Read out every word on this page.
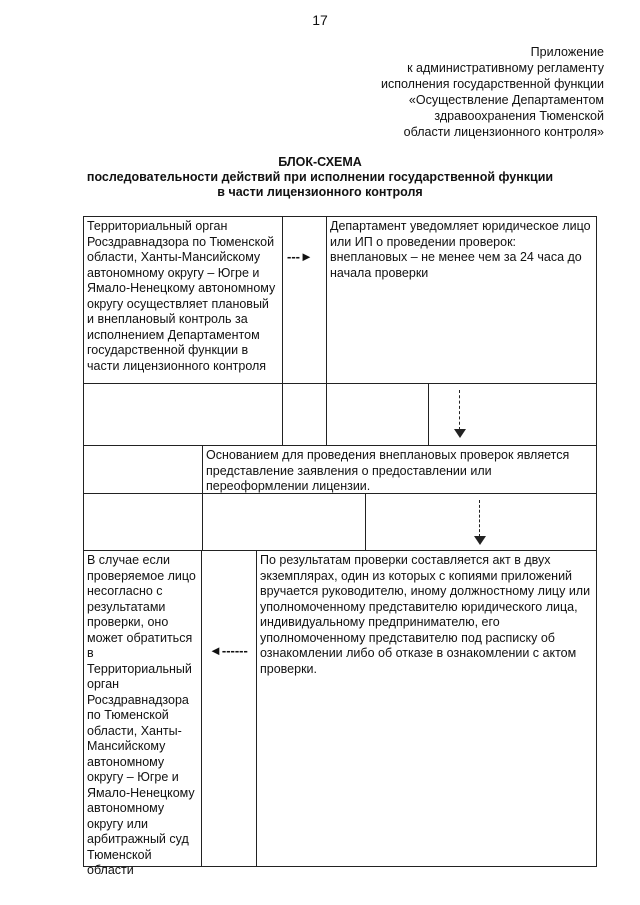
17
Приложение
к административному регламенту
исполнения государственной функции
«Осуществление Департаментом
здравоохранения Тюменской
области лицензионного контроля»
БЛОК-СХЕМА
последовательности действий при исполнении государственной функции
в части лицензионного контроля
Территориальный орган Росздравнадзора по Тюменской области, Ханты-Мансийскому автономному округу – Югре и Ямало-Ненецкому автономному округу осуществляет плановый и внеплановый контроль за исполнением Департаментом государственной функции в части лицензионного контроля
---►
Департамент уведомляет юридическое лицо или ИП о проведении проверок: внеплановых – не менее чем за 24 часа до начала проверки
Основанием для проведения внеплановых проверок является представление заявления о предоставлении или переоформлении лицензии.
В случае если проверяемое лицо несогласно с результатами проверки, оно может обратиться в Территориальный орган Росздравнадзора по Тюменской области, Ханты-Мансийскому автономному округу – Югре и Ямало-Ненецкому автономному округу или арбитражный суд Тюменской области
◄------
По результатам проверки составляется акт в двух экземплярах, один из которых с копиями приложений вручается руководителю, иному должностному лицу или уполномоченному представителю юридического лица, индивидуальному предпринимателю, его уполномоченному представителю под расписку об ознакомлении либо об отказе в ознакомлении с актом проверки.
